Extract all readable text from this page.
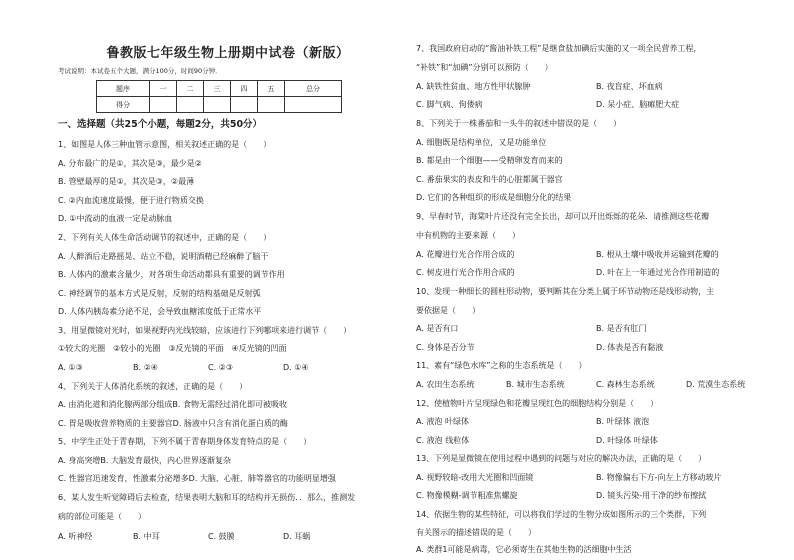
鲁教版七年级生物上册期中试卷（新版）
考试说明：本试卷五个大题，满分100分，时间90分钟．
题序	一	二	三	四	五	总分
得分						
一、选择题（共25个小题，每题2分，共50分）
1、如图是人体三种血管示意图，相关叙述正确的是（　　）
A. 分布最广的是①，其次是③，最少是②
B. 管壁最厚的是①，其次是③，②最薄
C. ②内血流速度最慢，便于进行物质交换
D. ①中流动的血液一定是动脉血
2、下列有关人体生命活动调节的叙述中，正确的是（　　）
A. 人醉酒后走路摇晃、站立不稳，说明酒精已经麻醉了脑干
B. 人体内的激素含量少，对各项生命活动都具有重要的调节作用
C. 神经调节的基本方式是反射，反射的结构基础是反射弧
D. 人体内胰岛素分泌不足，会导致血糖浓度低于正常水平
3、用显微镜对光时，如果视野内光线较暗，应该进行下列哪项来进行调节（　　）
①较大的光圈　②较小的光圈　③反光镜的平面　④反光镜的凹面
A. ①③	B. ②④	C. ②③	D. ①④
4、下列关于人体消化系统的叙述，正确的是（　　）
A. 由消化道和消化腺两部分组成B. 食物无需经过消化即可被吸收
C. 胃是吸收营养物质的主要器官D. 肠液中只含有消化蛋白质的酶
5、中学生正处于青春期，下列不属于青春期身体发育特点的是（　　）
A. 身高突增B. 大脑发育最快，内心世界逐渐复杂
C. 性器官迅速发育，性激素分泌增多D. 大脑、心脏、肺等器官的功能明显增强
6、某人发生听觉障碍后去检查，结果表明大脑和耳的结构并无损伤．．那么，推测发
病的部位可能是（　　）
A. 听神经	B. 中耳	C. 鼓膜	D. 耳蜗
7、我国政府启动的“酱油补铁工程”是继食盐加碘后实施的又一项全民营养工程，
“补铁”和“加碘”分别可以预防（　　）
A. 缺铁性贫血、地方性甲状腺肿	B. 夜盲症、坏血病
C. 脚气病、佝偻病	D. 呆小症、脑瘫肥大症
8、下列关于一株番茄和一头牛的叙述中错误的是（　　）
A. 细胞既是结构单位，又是功能单位
B. 都是由一个细胞——受精卵发育而来的
C. 番茄果实的表皮和牛的心脏都属于器官
D. 它们的各种组织的形成是细胞分化的结果
9、早春时节，海棠叶片还没有完全长出，却可以开出烁烁的花朵．请推测这些花瓣
中有机物的主要来源（　　）
A. 花瓣进行光合作用合成的	B. 根从土壤中吸收并运输到花瓣的
C. 树皮进行光合作用合成的	D. 叶在上一年通过光合作用制造的
10、发现一种细长的圆柱形动物，要判断其在分类上属于环节动物还是线形动物，主
要依据是（　　）
A. 是否有口	B. 是否有肛门
C. 身体是否分节	D. 体表是否有黏液
11、素有“绿色水库”之称的生态系统是（　　）
A. 农田生态系统	B. 城市生态系统	C. 森林生态系统	D. 荒漠生态系统
12、使植物叶片呈现绿色和花瓣呈现红色的细胞结构分别是（　　）
A. 液泡 叶绿体	B. 叶绿体 液泡
C. 液泡 线粒体	D. 叶绿体 叶绿体
13、下列是显微镜在使用过程中遇到的问题与对应的解决办法，正确的是（　　）
A. 视野较暗-改用大光圈和凹面镜	B. 物像偏右下方-向左上方移动玻片
C. 物像模糊-调节粗准焦螺旋	D. 镜头污染-用干净的纱布擦拭
14、依据生物的某些特征，可以将我们学过的生物分成如图所示的三个类群，下列
有关图示的描述错误的是（　　）
A. 类群1可能是病毒，它必须寄生在其他生物的活细胞中生活
